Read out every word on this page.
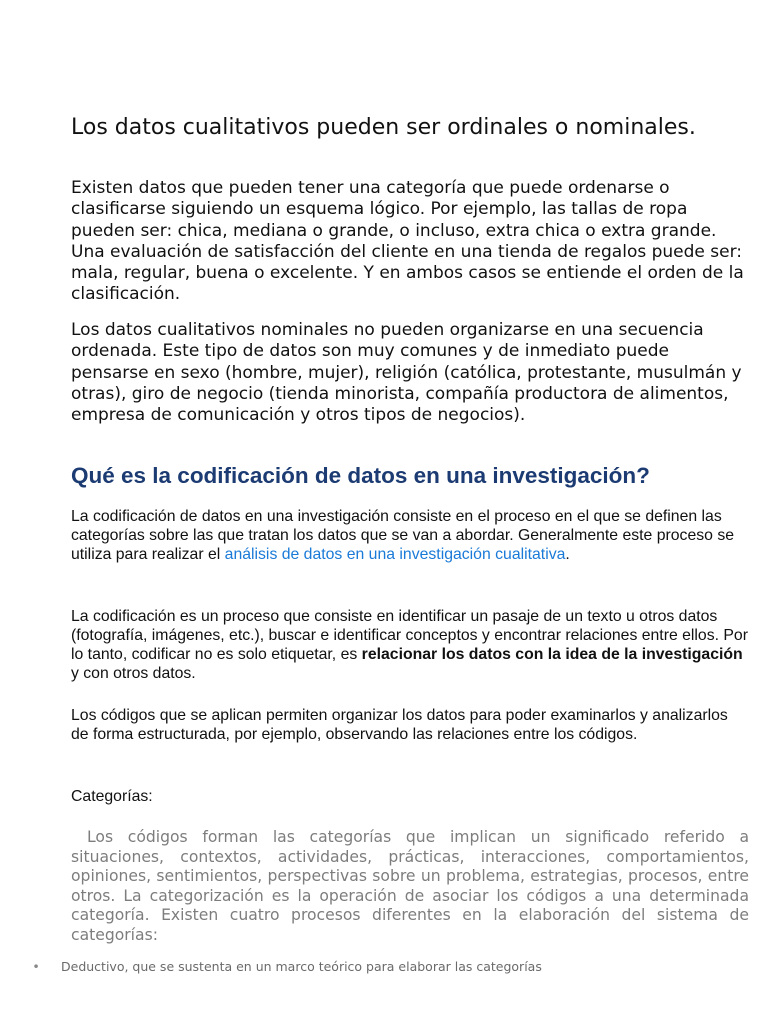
Los datos cualitativos pueden ser ordinales o nominales.

Existen datos que pueden tener una categoría que puede ordenarse o clasificarse siguiendo un esquema lógico. Por ejemplo, las tallas de ropa pueden ser: chica, mediana o grande, o incluso, extra chica o extra grande. Una evaluación de satisfacción del cliente en una tienda de regalos puede ser: mala, regular, buena o excelente. Y en ambos casos se entiende el orden de la clasificación.

Los datos cualitativos nominales no pueden organizarse en una secuencia ordenada. Este tipo de datos son muy comunes y de inmediato puede pensarse en sexo (hombre, mujer), religión (católica, protestante, musulmán y otras), giro de negocio (tienda minorista, compañía productora de alimentos, empresa de comunicación y otros tipos de negocios).

Qué es la codificación de datos en una investigación?

La codificación de datos en una investigación consiste en el proceso en el que se definen las categorías sobre las que tratan los datos que se van a abordar. Generalmente este proceso se utiliza para realizar el análisis de datos en una investigación cualitativa.

La codificación es un proceso que consiste en identificar un pasaje de un texto u otros datos (fotografía, imágenes, etc.), buscar e identificar conceptos y encontrar relaciones entre ellos. Por lo tanto, codificar no es solo etiquetar, es relacionar los datos con la idea de la investigación y con otros datos.

Los códigos que se aplican permiten organizar los datos para poder examinarlos y analizarlos de forma estructurada, por ejemplo, observando las relaciones entre los códigos.

Categorías:

Los códigos forman las categorías que implican un significado referido a situaciones, contextos, actividades, prácticas, interacciones, comportamientos, opiniones, sentimientos, perspectivas sobre un problema, estrategias, procesos, entre otros. La categorización es la operación de asociar los códigos a una determinada categoría. Existen cuatro procesos diferentes en la elaboración del sistema de categorías:

• Deductivo, que se sustenta en un marco teórico para elaborar las categorías
